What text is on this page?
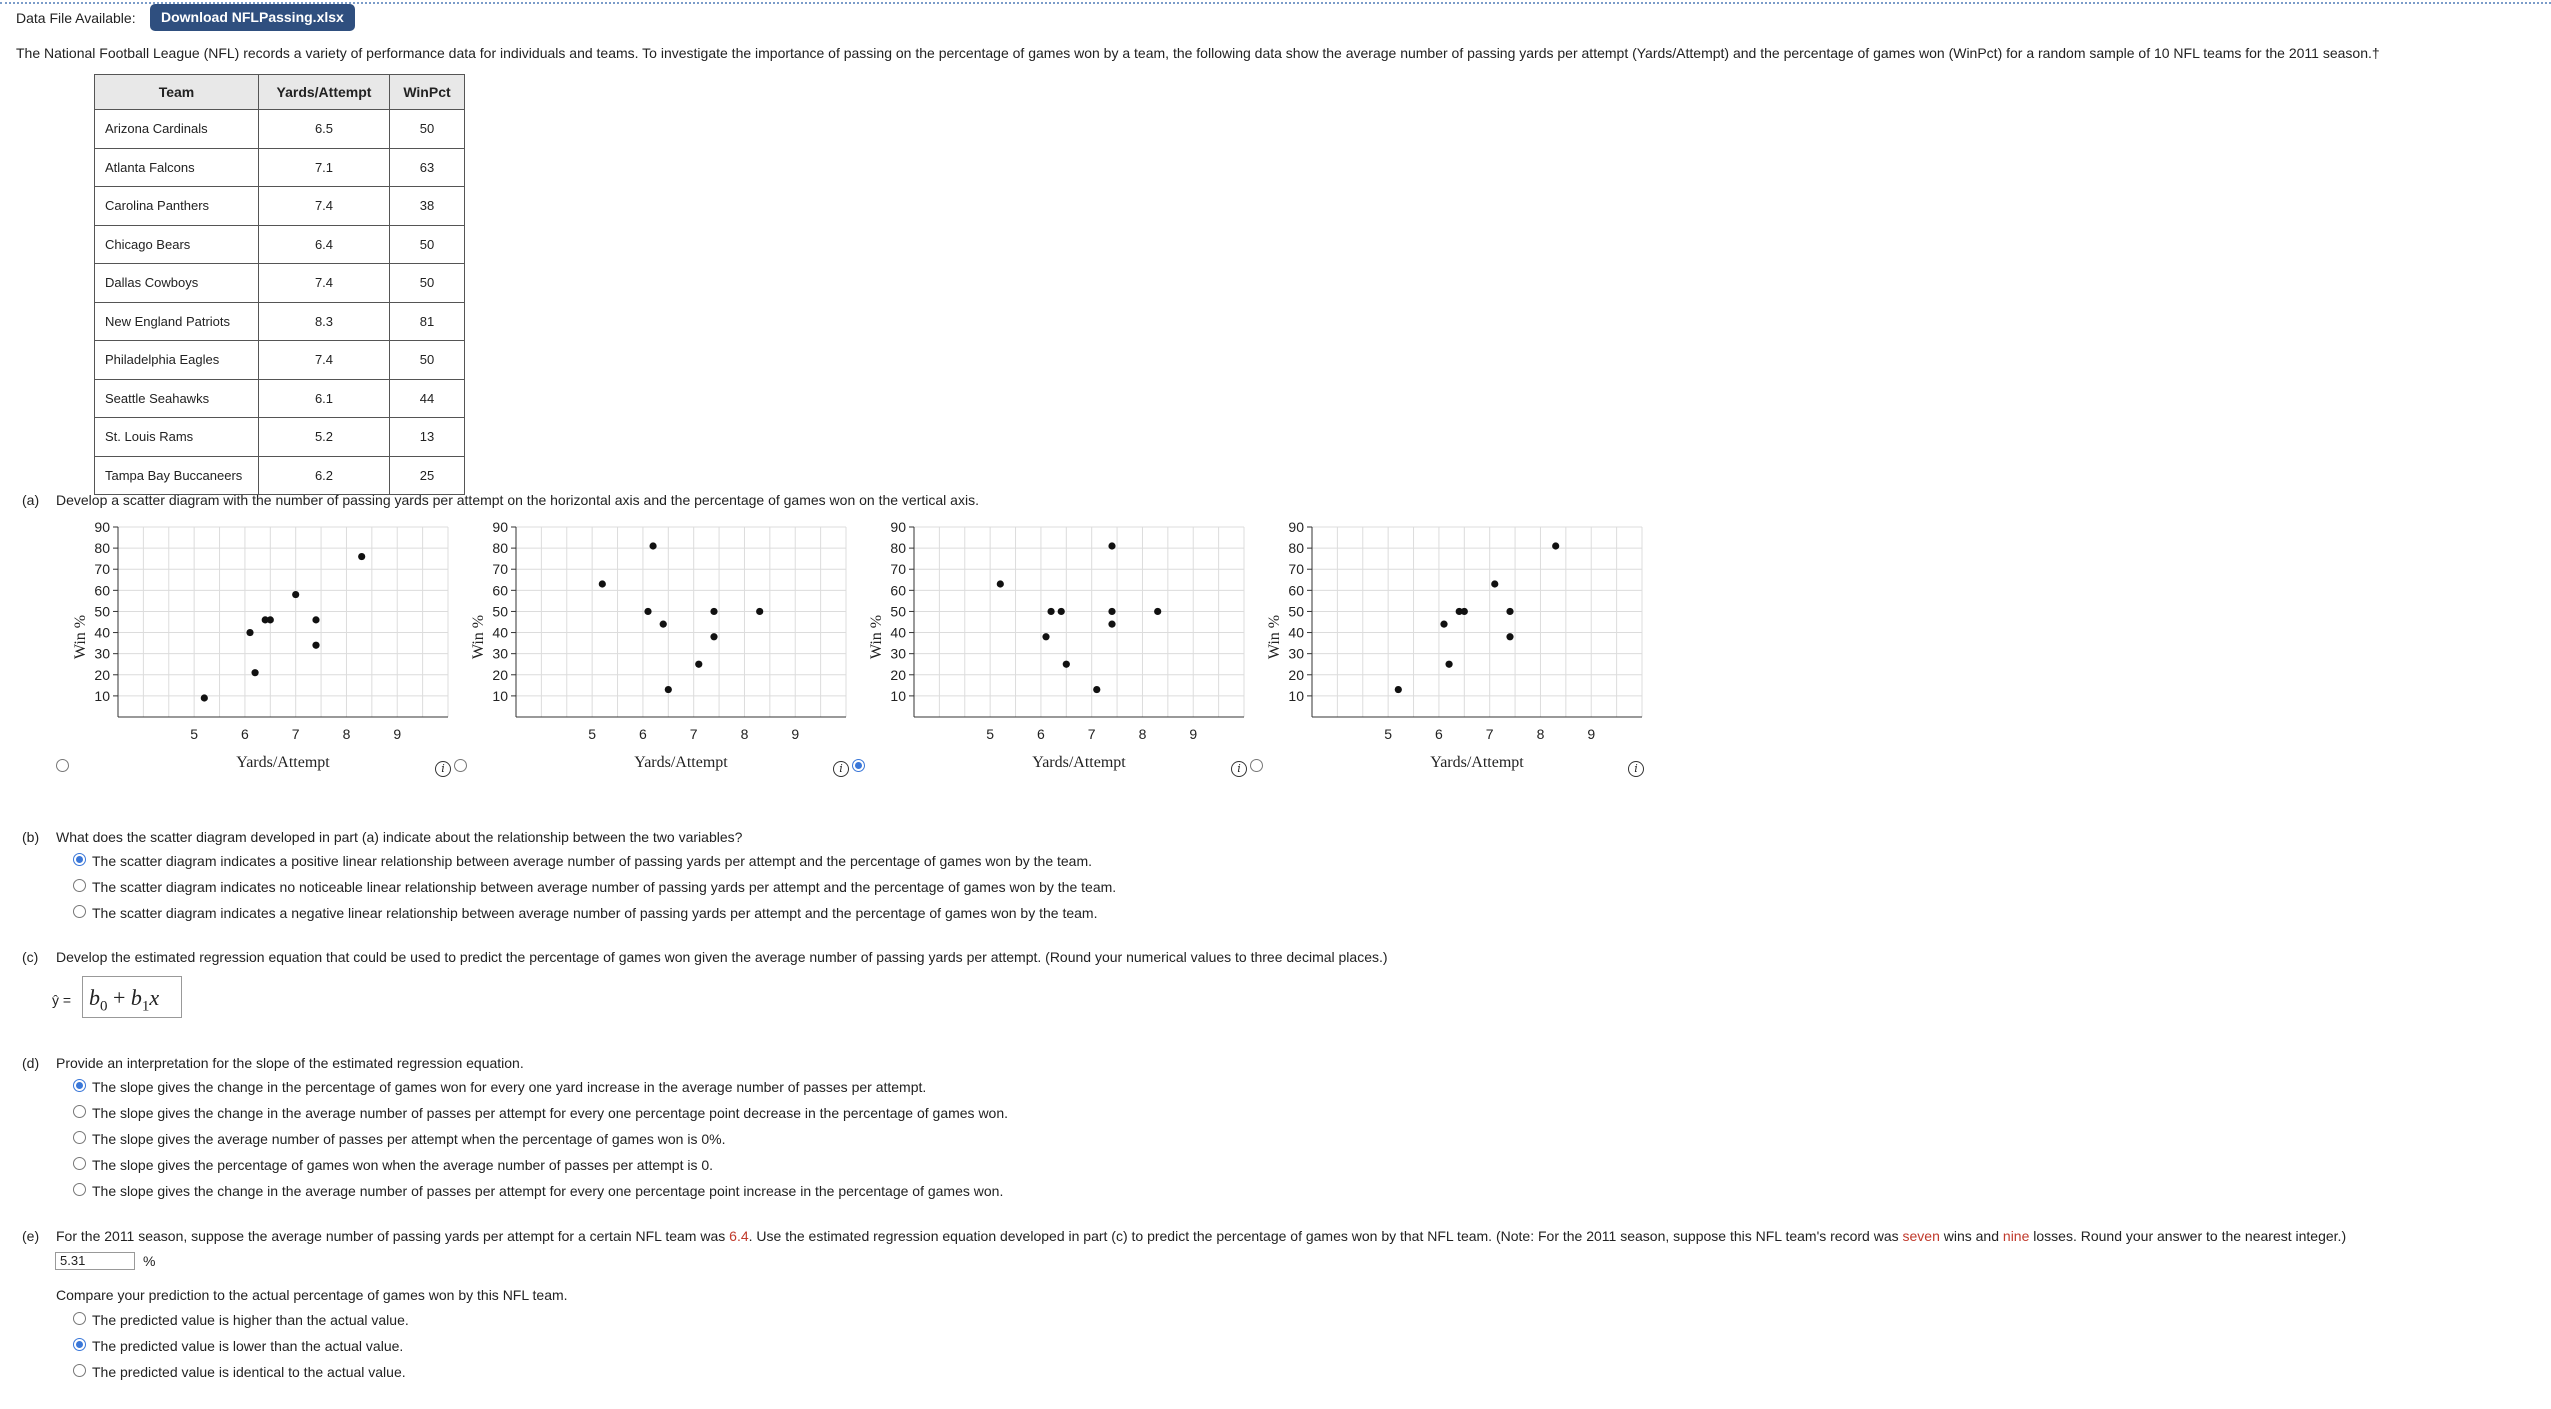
Data File Available:	Download NFLPassing.xlsx
The National Football League (NFL) records a variety of performance data for individuals and teams. To investigate the importance of passing on the percentage of games won by a team, the following data show the average number of passing yards per attempt (Yards/Attempt) and the percentage of games won (WinPct) for a random sample of 10 NFL teams for the 2011 season.†
Team	Yards/Attempt	WinPct
Arizona Cardinals	6.5	50
Atlanta Falcons	7.1	63
Carolina Panthers	7.4	38
Chicago Bears	6.4	50
Dallas Cowboys	7.4	50
New England Patriots	8.3	81
Philadelphia Eagles	7.4	50
Seattle Seahawks	6.1	44
St. Louis Rams	5.2	13
Tampa Bay Buccaneers	6.2	25
(a) Develop a scatter diagram with the number of passing yards per attempt on the horizontal axis and the percentage of games won on the vertical axis.
10
20
30
40
50
60
70
80
90
5	6	7	8	9
Yards/Attempt
Win %
10
20
30
40
50
60
70
80
90
5	6	7	8	9
Yards/Attempt
Win %
10
20
30
40
50
60
70
80
90
5	6	7	8	9
Yards/Attempt
Win %
10
20
30
40
50
60
70
80
90
5	6	7	8	9
Yards/Attempt
Win %
i	i	i	i
(b) What does the scatter diagram developed in part (a) indicate about the relationship between the two variables?
The scatter diagram indicates a positive linear relationship between average number of passing yards per attempt and the percentage of games won by the team.
The scatter diagram indicates no noticeable linear relationship between average number of passing yards per attempt and the percentage of games won by the team.
The scatter diagram indicates a negative linear relationship between average number of passing yards per attempt and the percentage of games won by the team.
(c) Develop the estimated regression equation that could be used to predict the percentage of games won given the average number of passing yards per attempt. (Round your numerical values to three decimal places.)
ŷ = $b_0 + b_1x$
(d) Provide an interpretation for the slope of the estimated regression equation.
The slope gives the change in the percentage of games won for every one yard increase in the average number of passes per attempt.
The slope gives the change in the average number of passes per attempt for every one percentage point decrease in the percentage of games won.
The slope gives the average number of passes per attempt when the percentage of games won is 0%.
The slope gives the percentage of games won when the average number of passes per attempt is 0.
The slope gives the change in the average number of passes per attempt for every one percentage point increase in the percentage of games won.
(e) For the 2011 season, suppose the average number of passing yards per attempt for a certain NFL team was 6.4. Use the estimated regression equation developed in part (c) to predict the percentage of games won by that NFL team. (Note: For the 2011 season, suppose this NFL team's record was seven wins and nine losses. Round your answer to the nearest integer.)
5.31	%
Compare your prediction to the actual percentage of games won by this NFL team.
The predicted value is higher than the actual value.
The predicted value is lower than the actual value.
The predicted value is identical to the actual value.
